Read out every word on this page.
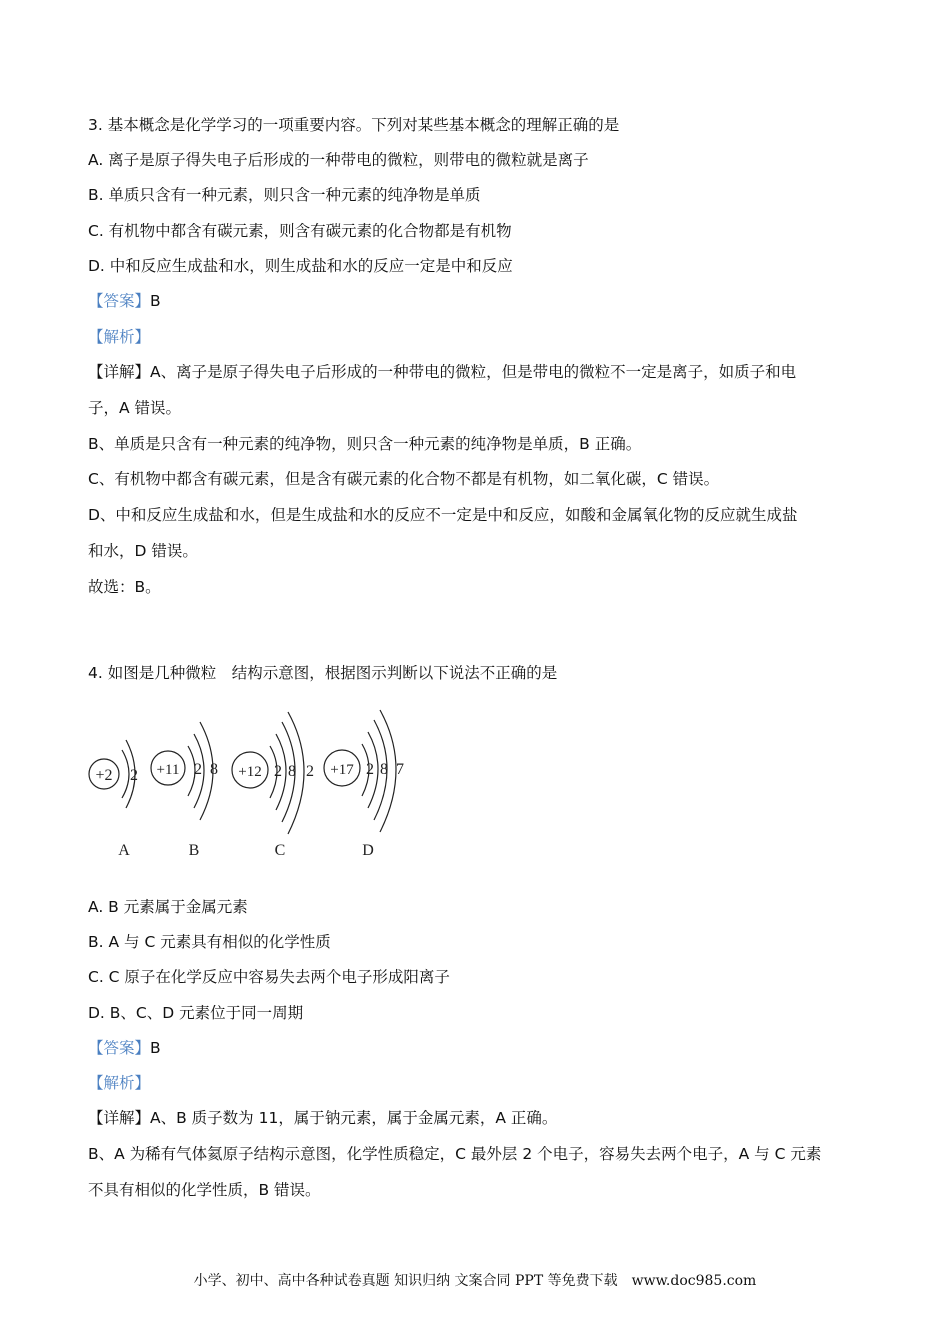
3. 基本概念是化学学习的一项重要内容。下列对某些基本概念的理解正确的是
A. 离子是原子得失电子后形成的一种带电的微粒，则带电的微粒就是离子
B. 单质只含有一种元素，则只含一种元素的纯净物是单质
C. 有机物中都含有碳元素，则含有碳元素的化合物都是有机物
D. 中和反应生成盐和水，则生成盐和水的反应一定是中和反应
【答案】B
【解析】
【详解】A、离子是原子得失电子后形成的一种带电的微粒，但是带电的微粒不一定是离子，如质子和电
子，A 错误。
B、单质是只含有一种元素的纯净物，则只含一种元素的纯净物是单质，B 正确。
C、有机物中都含有碳元素，但是含有碳元素的化合物不都是有机物，如二氧化碳，C 错误。
D、中和反应生成盐和水，但是生成盐和水的反应不一定是中和反应，如酸和金属氧化物的反应就生成盐
和水，D 错误。
故选：B。
4. 如图是几种微粒　结构示意图，根据图示判断以下说法不正确的是
+2 2
A
+11 2 8
B
+12 2 8 2
C
+17 2 8 7
D
A. B 元素属于金属元素
B. A 与 C 元素具有相似的化学性质
C. C 原子在化学反应中容易失去两个电子形成阳离子
D. B、C、D 元素位于同一周期
【答案】B
【解析】
【详解】A、B 质子数为 11，属于钠元素，属于金属元素，A 正确。
B、A 为稀有气体氦原子结构示意图，化学性质稳定，C 最外层 2 个电子，容易失去两个电子，A 与 C 元素
不具有相似的化学性质，B 错误。
小学、初中、高中各种试卷真题 知识归纳 文案合同 PPT 等免费下载　www.doc985.com
